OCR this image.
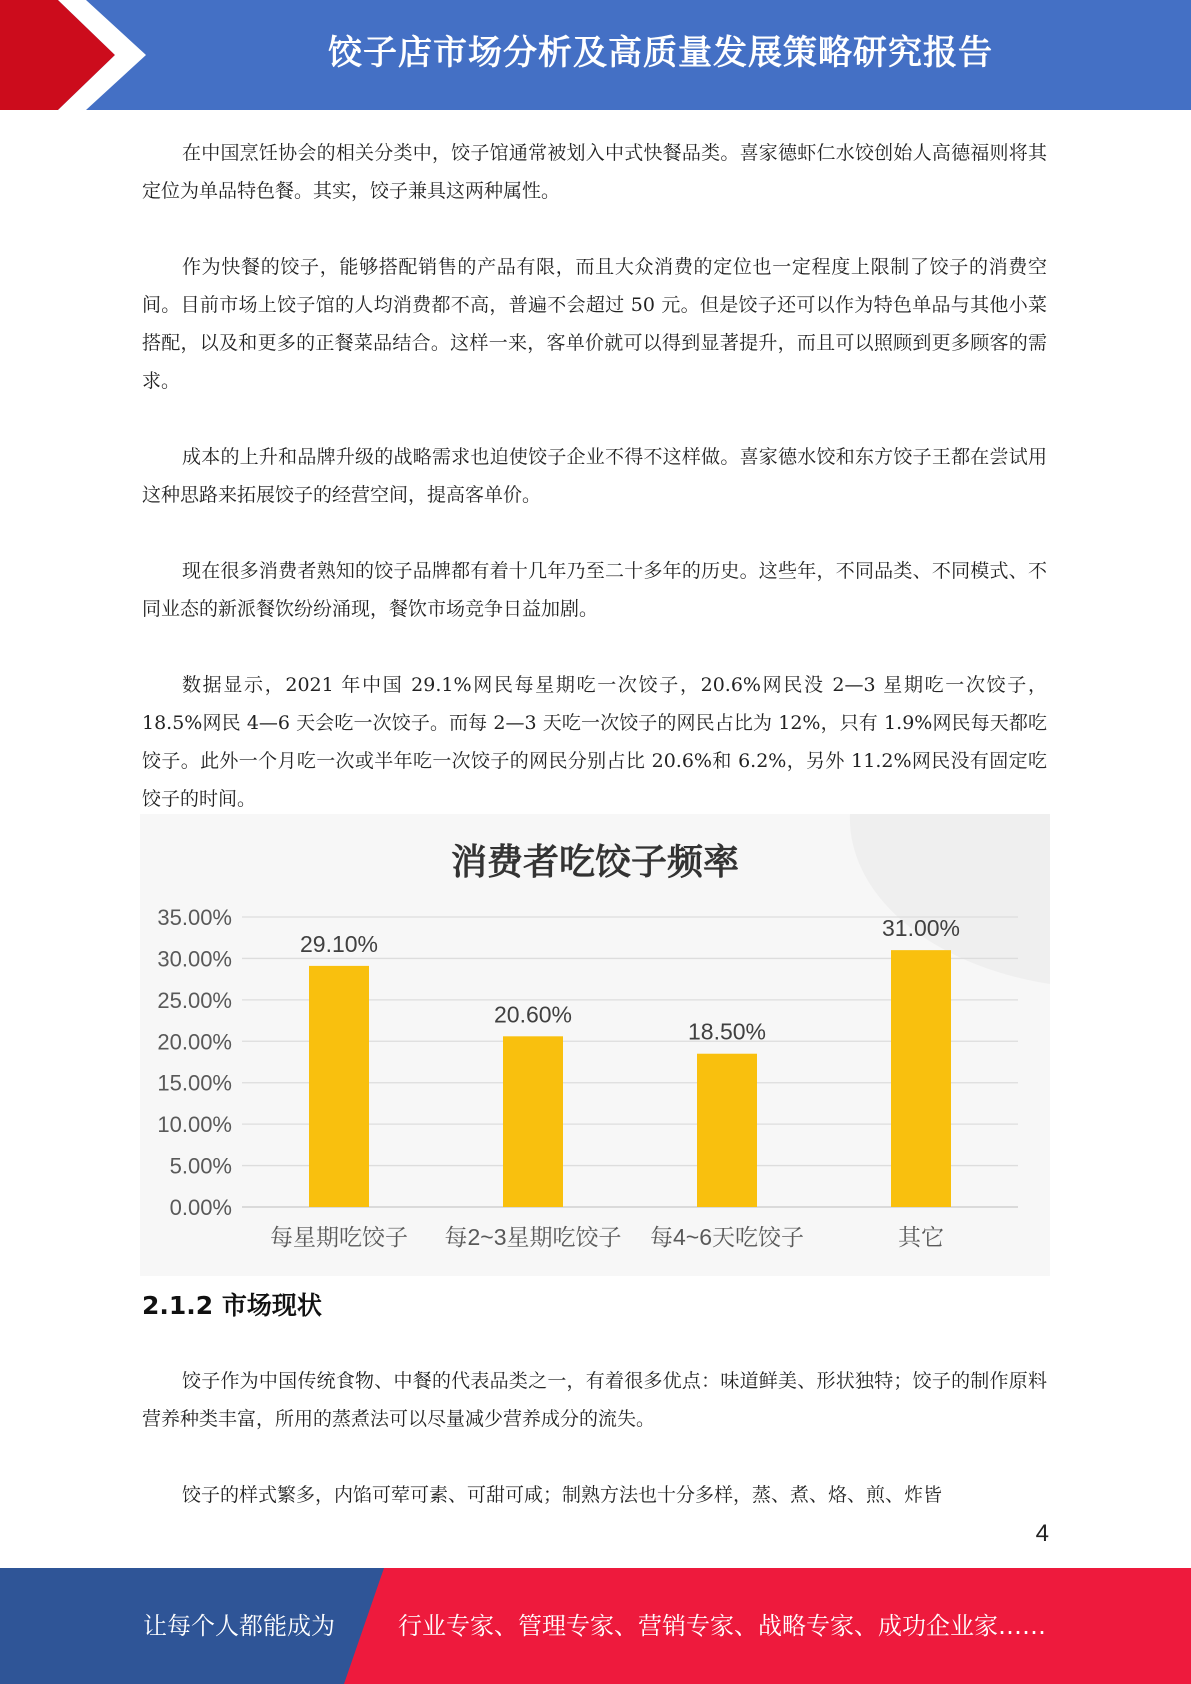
饺子店市场分析及高质量发展策略研究报告
在中国烹饪协会的相关分类中，饺子馆通常被划入中式快餐品类。喜家德虾仁水饺创始人高德福则将其定位为单品特色餐。其实，饺子兼具这两种属性。
作为快餐的饺子，能够搭配销售的产品有限，而且大众消费的定位也一定程度上限制了饺子的消费空间。目前市场上饺子馆的人均消费都不高，普遍不会超过 50 元。但是饺子还可以作为特色单品与其他小菜搭配，以及和更多的正餐菜品结合。这样一来，客单价就可以得到显著提升，而且可以照顾到更多顾客的需求。
成本的上升和品牌升级的战略需求也迫使饺子企业不得不这样做。喜家德水饺和东方饺子王都在尝试用这种思路来拓展饺子的经营空间，提高客单价。
现在很多消费者熟知的饺子品牌都有着十几年乃至二十多年的历史。这些年，不同品类、不同模式、不同业态的新派餐饮纷纷涌现，餐饮市场竞争日益加剧。
数据显示，2021 年中国 29.1%网民每星期吃一次饺子，20.6%网民没 2—3 星期吃一次饺子，18.5%网民 4—6 天会吃一次饺子。而每 2—3 天吃一次饺子的网民占比为 12%，只有 1.9%网民每天都吃饺子。此外一个月吃一次或半年吃一次饺子的网民分别占比 20.6%和 6.2%，另外 11.2%网民没有固定吃饺子的时间。
2.1.2 市场现状
饺子作为中国传统食物、中餐的代表品类之一，有着很多优点：味道鲜美、形状独特；饺子的制作原料营养种类丰富，所用的蒸煮法可以尽量减少营养成分的流失。
饺子的样式繁多，内馅可荤可素、可甜可咸；制熟方法也十分多样，蒸、煮、烙、煎、炸皆
消费者吃饺子频率
0.00%
5.00%
10.00%
15.00%
20.00%
25.00%
30.00%
35.00%
29.10%
20.60%
18.50%
31.00%
每星期吃饺子 每2~3星期吃饺子 每4~6天吃饺子	其它
4
让每个人都能成为	行业专家、管理专家、营销专家、战略专家、成功企业家……
